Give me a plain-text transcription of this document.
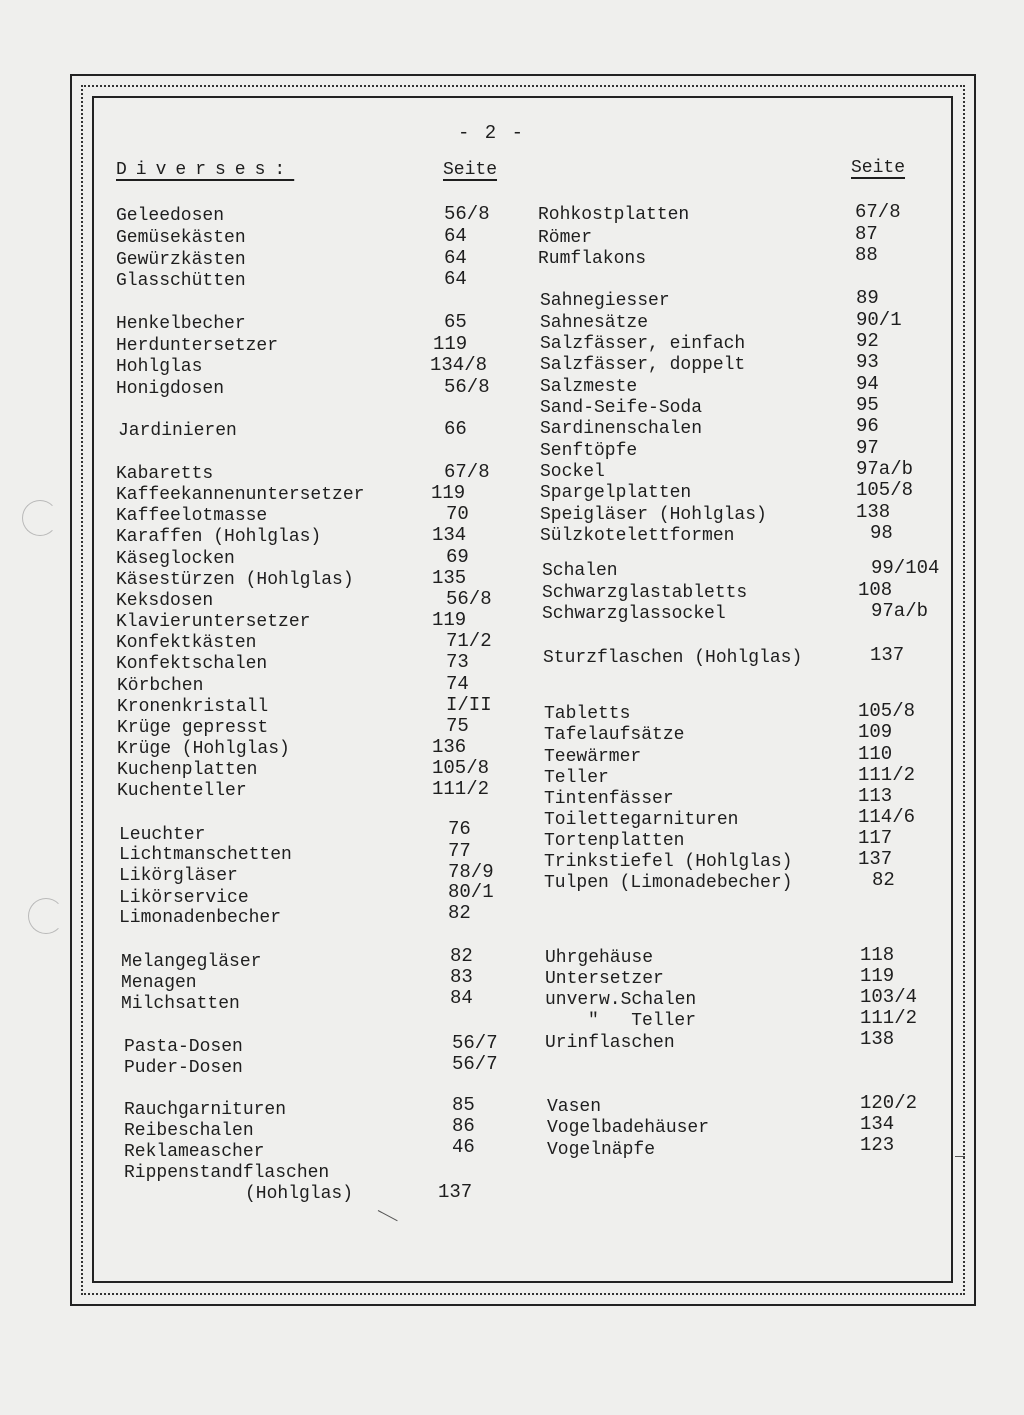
- 2 -
Diverses:	Seite	Seite
Geleedosen	56/8
Gemüsekästen	64
Gewürzkästen	64
Glasschütten	64
Henkelbecher	65
Herduntersetzer	119
Hohlglas	134/8
Honigdosen	56/8
Jardinieren	66
Kabaretts	67/8
Kaffeekannenuntersetzer	119
Kaffeelotmasse	70
Karaffen (Hohlglas)	134
Käseglocken	69
Käsestürzen (Hohlglas)	135
Keksdosen	56/8
Klavieruntersetzer	119
Konfektkästen	71/2
Konfektschalen	73
Körbchen	74
Kronenkristall	I/II
Krüge gepresst	75
Krüge (Hohlglas)	136
Kuchenplatten	105/8
Kuchenteller	111/2
Leuchter	76
Lichtmanschetten	77
Likörgläser	78/9
Likörservice	80/1
Limonadenbecher	82
Melangegläser	82
Menagen	83
Milchsatten	84
Pasta-Dosen	56/7
Puder-Dosen	56/7
Rauchgarnituren	85
Reibeschalen	86
Reklameascher	46
Rippenstandflaschen
(Hohlglas)	137
Rohkostplatten	67/8
Römer	87
Rumflakons	88
Sahnegiesser	89
Sahnesätze	90/1
Salzfässer, einfach	92
Salzfässer, doppelt	93
Salzmeste	94
Sand-Seife-Soda	95
Sardinenschalen	96
Senftöpfe	97
Sockel	97a/b
Spargelplatten	105/8
Speigläser (Hohlglas)	138
Sülzkotelettformen	98
Schalen	99/104
Schwarzglastabletts	108
Schwarzglassockel	97a/b
Sturzflaschen (Hohlglas)	137
Tabletts	105/8
Tafelaufsätze	109
Teewärmer	110
Teller	111/2
Tintenfässer	113
Toilettegarnituren	114/6
Tortenplatten	117
Trinkstiefel (Hohlglas)	137
Tulpen (Limonadebecher)	82
Uhrgehäuse	118
Untersetzer	119
unverw.Schalen	103/4
"   Teller	111/2
Urinflaschen	138
Vasen	120/2
Vogelbadehäuser	134
Vogelnäpfe	123
